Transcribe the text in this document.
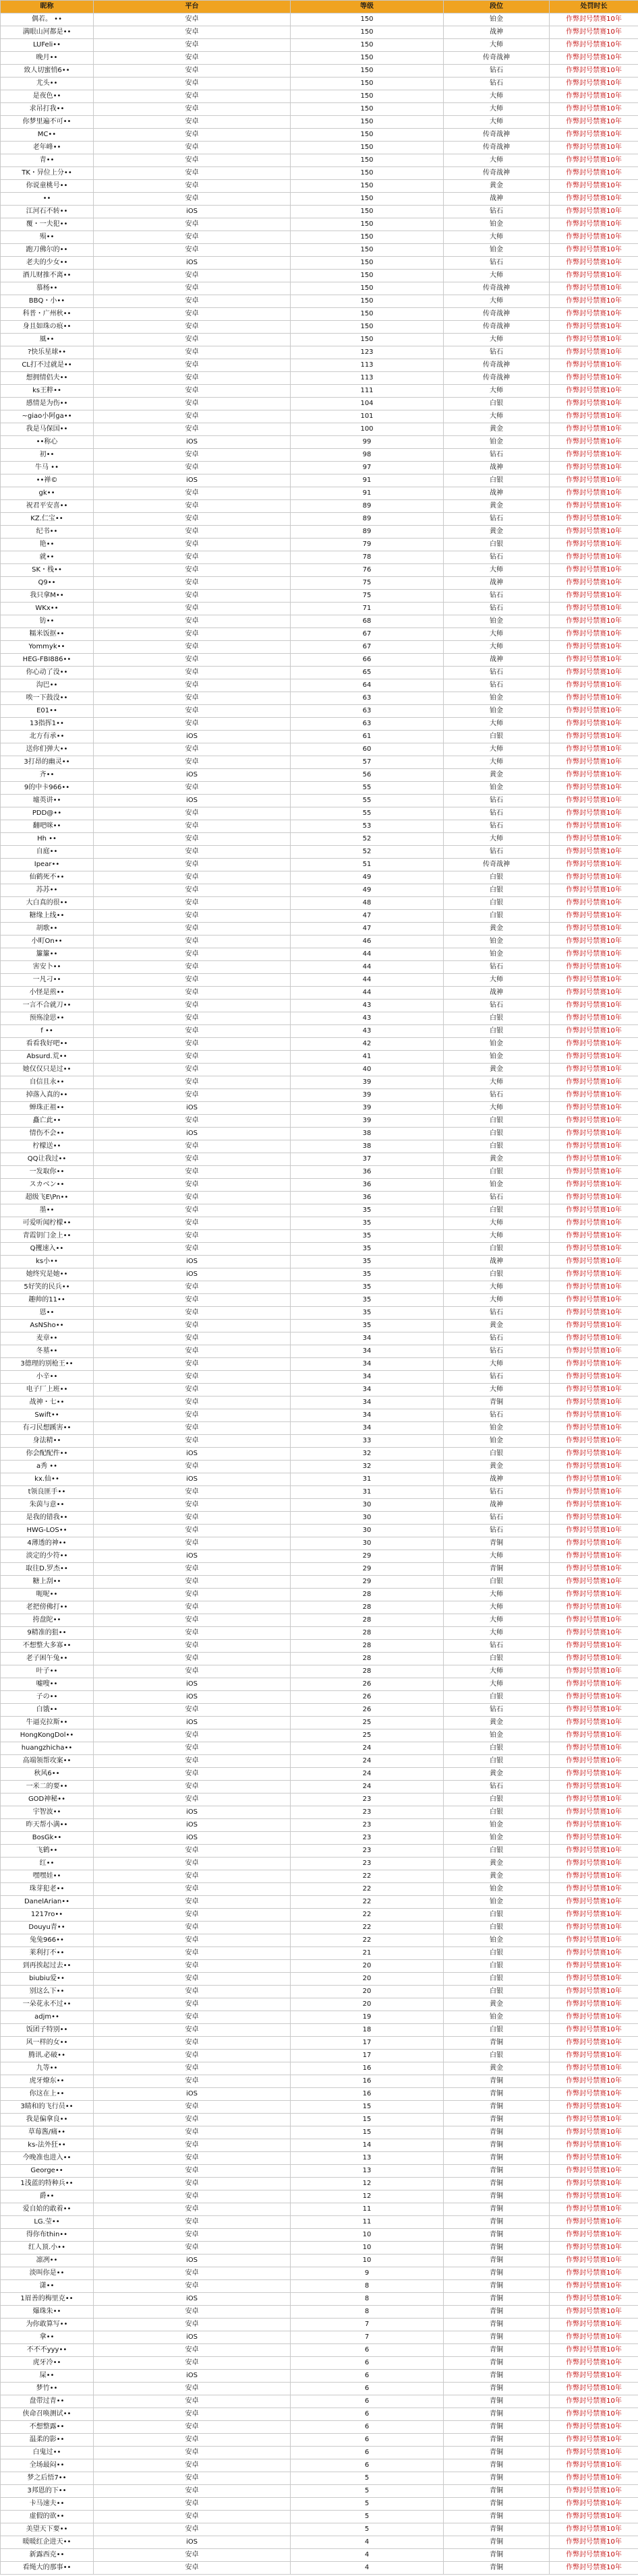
昵称	平台	等级	段位	处罚时长
偶若。 ••	安卓	150	铂金	作弊封号禁赛10年
满眼山河都是••	安卓	150	战神	作弊封号禁赛10年
LUFeli••	安卓	150	大师	作弊封号禁赛10年
晚月••	安卓	150	传奇战神	作弊封号禁赛10年
致人切蜜悄6••	安卓	150	钻石	作弊封号禁赛10年
尤头••	安卓	150	钻石	作弊封号禁赛10年
是夜色••	安卓	150	大师	作弊封号禁赛10年
求吊打我••	安卓	150	大师	作弊封号禁赛10年
你梦里遍不可••	安卓	150	大师	作弊封号禁赛10年
MC••	安卓	150	传奇战神	作弊封号禁赛10年
老年峰••	安卓	150	传奇战神	作弊封号禁赛10年
青••	安卓	150	大师	作弊封号禁赛10年
TK・异位上分••	安卓	150	传奇战神	作弊封号禁赛10年
你说童桃号••	安卓	150	黄金	作弊封号禁赛10年
••	安卓	150	战神	作弊封号禁赛10年
江河石不转••	iOS	150	钻石	作弊封号禁赛10年
覆・一夫犯••	安卓	150	铂金	作弊封号禁赛10年
殒••	安卓	150	大师	作弊封号禁赛10年
跑刀佛尔的••	安卓	150	铂金	作弊封号禁赛10年
老夫的少女••	iOS	150	钻石	作弊封号禁赛10年
酒儿财推不离••	安卓	150	大师	作弊封号禁赛10年
慕杨••	安卓	150	传奇战神	作弊封号禁赛10年
BBQ・小••	安卓	150	大师	作弊封号禁赛10年
科普・广州秋••	安卓	150	传奇战神	作弊封号禁赛10年
身且如珠の痕••	安卓	150	传奇战神	作弊封号禁赛10年
風••	安卓	150	大师	作弊封号禁赛10年
?快乐星球••	安卓	123	钻石	作弊封号禁赛10年
CL打不过就是••	安卓	113	传奇战神	作弊封号禁赛10年
想拥情侣夫••	安卓	113	传奇战神	作弊封号禁赛10年
ks王粹••	安卓	111	大师	作弊封号禁赛10年
感情是为伤••	安卓	104	白银	作弊封号禁赛10年
~giao小阿ga••	安卓	101	大师	作弊封号禁赛10年
我是马保国••	安卓	100	黄金	作弊封号禁赛10年
••称心	iOS	99	铂金	作弊封号禁赛10年
初••	安卓	98	钻石	作弊封号禁赛10年
牛马 ••	安卓	97	战神	作弊封号禁赛10年
••禅©	iOS	91	白银	作弊封号禁赛10年
gk••	安卓	91	战神	作弊封号禁赛10年
祝君平安喜••	安卓	89	黄金	作弊封号禁赛10年
KZ.仁宝••	安卓	89	钻石	作弊封号禁赛10年
纪书••	安卓	89	黄金	作弊封号禁赛10年
艳••	安卓	79	白银	作弊封号禁赛10年
就••	安卓	78	钻石	作弊封号禁赛10年
SK・栈••	安卓	76	大师	作弊封号禁赛10年
Q9••	安卓	75	战神	作弊封号禁赛10年
我只拿M••	安卓	75	钻石	作弊封号禁赛10年
WKx••	安卓	71	钻石	作弊封号禁赛10年
钫••	安卓	68	铂金	作弊封号禁赛10年
糯米饭抠••	安卓	67	大师	作弊封号禁赛10年
Yommyk••	安卓	67	大师	作弊封号禁赛10年
HEG-FBI886••	安卓	66	战神	作弊封号禁赛10年
你心动了没••	安卓	65	钻石	作弊封号禁赛10年
沟巴••	安卓	64	钻石	作弊封号禁赛10年
唉一下鼓没••	安卓	63	铂金	作弊封号禁赛10年
E01••	安卓	63	铂金	作弊封号禁赛10年
13指挥1••	安卓	63	大师	作弊封号禁赛10年
北方有承••	iOS	61	白银	作弊封号禁赛10年
送你们弹大••	安卓	60	大师	作弊封号禁赛10年
3打昂的幽灵••	安卓	57	大师	作弊封号禁赛10年
齐••	iOS	56	黄金	作弊封号禁赛10年
9的中卡966••	安卓	55	铂金	作弊封号禁赛10年
墟英讲••	iOS	55	钻石	作弊封号禁赛10年
PDD@••	安卓	55	钻石	作弊封号禁赛10年
翻吧咪••	安卓	53	钻石	作弊封号禁赛10年
Hh ••	安卓	52	大师	作弊封号禁赛10年
自庭••	安卓	52	钻石	作弊封号禁赛10年
Ipear••	安卓	51	传奇战神	作弊封号禁赛10年
仙鹤死不••	安卓	49	白银	作弊封号禁赛10年
苏苏••	安卓	49	白银	作弊封号禁赛10年
大白真的很••	安卓	48	白银	作弊封号禁赛10年
糖缘上线••	安卓	47	白银	作弊封号禁赛10年
胡歌••	安卓	47	黄金	作弊封号禁赛10年
小町On••	安卓	46	铂金	作弊封号禁赛10年
簾簾••	安卓	44	铂金	作弊封号禁赛10年
害安卜••	安卓	44	钻石	作弊封号禁赛10年
一凡刁••	安卓	44	大师	作弊封号禁赛10年
小怪是煎••	安卓	44	战神	作弊封号禁赛10年
一言不合就刀••	安卓	43	钻石	作弊封号禁赛10年
预殇淦思••	安卓	43	白银	作弊封号禁赛10年
f ••	安卓	43	白银	作弊封号禁赛10年
看看我好吧••	安卓	42	铂金	作弊封号禁赛10年
Absurd.荒••	安卓	41	铂金	作弊封号禁赛10年
她仅仅只是过••	安卓	40	黄金	作弊封号禁赛10年
自信且永••	安卓	39	大师	作弊封号禁赛10年
掉落入真的••	安卓	39	钻石	作弊封号禁赛10年
蝉珠正祖••	iOS	39	大师	作弊封号禁赛10年
矗亡此••	安卓	39	白银	作弊封号禁赛10年
情伤不会••	iOS	38	白银	作弊封号禁赛10年
柠檬送••	安卓	38	白银	作弊封号禁赛10年
QQ让我过••	安卓	37	黄金	作弊封号禁赛10年
一发取你••	安卓	36	白银	作弊封号禁赛10年
スカベン••	安卓	36	铂金	作弊封号禁赛10年
超级飞E\Pn••	安卓	36	钻石	作弊封号禁赛10年
墨••	安卓	35	白银	作弊封号禁赛10年
可爱听闻柠檬••	安卓	35	大师	作弊封号禁赛10年
青霞钥门金上••	安卓	35	大师	作弊封号禁赛10年
Q攫速入••	安卓	35	白银	作弊封号禁赛10年
ks小••	iOS	35	战神	作弊封号禁赛10年
她终究是她••	iOS	35	白银	作弊封号禁赛10年
5好笑的民兵••	安卓	35	大师	作弊封号禁赛10年
趣帅的11••	安卓	35	大师	作弊封号禁赛10年
恩••	安卓	35	钻石	作弊封号禁赛10年
AsNSho••	安卓	35	黄金	作弊封号禁赛10年
麦章••	安卓	34	钻石	作弊封号禁赛10年
冬墓••	安卓	34	钻石	作弊封号禁赛10年
3德理的别枪王••	安卓	34	大师	作弊封号禁赛10年
小辛••	安卓	34	钻石	作弊封号禁赛10年
电子厂上班••	安卓	34	大师	作弊封号禁赛10年
战神・七••	安卓	34	青铜	作弊封号禁赛10年
Swift••	安卓	34	钻石	作弊封号禁赛10年
有刁民想蹊害••	安卓	34	铂金	作弊封号禁赛10年
身法精••	安卓	33	铂金	作弊封号禁赛10年
你会配配件••	iOS	32	白银	作弊封号禁赛10年
a秀 ••	安卓	32	黄金	作弊封号禁赛10年
kx.仙••	iOS	31	战神	作弊封号禁赛10年
t领良匪手••	安卓	31	钻石	作弊封号禁赛10年
朱茵与意••	安卓	30	战神	作弊封号禁赛10年
是我的错我••	安卓	30	钻石	作弊封号禁赛10年
HWG-LOS••	安卓	30	钻石	作弊封号禁赛10年
4薄透的神••	安卓	30	青铜	作弊封号禁赛10年
淡定的少符••	iOS	29	大师	作弊封号禁赛10年
取往D.罗杰••	安卓	29	青铜	作弊封号禁赛10年
糖上刮••	安卓	29	白银	作弊封号禁赛10年
呃呢••	安卓	28	大师	作弊封号禁赛10年
老把傍佛打••	安卓	28	大师	作弊封号禁赛10年
挎盘陀••	安卓	28	大师	作弊封号禁赛10年
9精准的狙••	安卓	28	大师	作弊封号禁赛10年
不想整大多寡••	安卓	28	钻石	作弊封号禁赛10年
老子困午兔••	安卓	28	白银	作弊封号禁赛10年
叶子••	安卓	28	大师	作弊封号禁赛10年
嘘嗖••	iOS	26	大师	作弊封号禁赛10年
子の••	iOS	26	白银	作弊封号禁赛10年
白饿••	安卓	26	钻石	作弊封号禁赛10年
牛逼克拉斯••	iOS	25	黄金	作弊封号禁赛10年
HongKongDol••	安卓	25	铂金	作弊封号禁赛10年
huangzhicha••	安卓	24	白银	作弊封号禁赛10年
高端领帮攻案••	安卓	24	白银	作弊封号禁赛10年
秋风6••	安卓	24	黄金	作弊封号禁赛10年
一米二的要••	安卓	24	钻石	作弊封号禁赛10年
GOD神秘••	安卓	23	白银	作弊封号禁赛10年
宇智波••	iOS	23	白银	作弊封号禁赛10年
昨天帮小满••	iOS	23	铂金	作弊封号禁赛10年
BosGk••	iOS	23	铂金	作弊封号禁赛10年
飞鹤••	安卓	23	白银	作弊封号禁赛10年
红••	安卓	23	黄金	作弊封号禁赛10年
嘿嘿娃••	安卓	22	黄金	作弊封号禁赛10年
珠芽犯老••	安卓	22	铂金	作弊封号禁赛10年
DanelArian••	安卓	22	铂金	作弊封号禁赛10年
1217ro••	安卓	22	白银	作弊封号禁赛10年
Douyu青••	安卓	22	白银	作弊封号禁赛10年
兔兔966••	安卓	22	铂金	作弊封号禁赛10年
莱利打不••	安卓	21	白银	作弊封号禁赛10年
到再挨起过去••	安卓	20	白银	作弊封号禁赛10年
biubiu爱••	安卓	20	白银	作弊封号禁赛10年
别这么下••	安卓	20	白银	作弊封号禁赛10年
一朵花永不过••	安卓	20	黄金	作弊封号禁赛10年
adjm••	安卓	19	铂金	作弊封号禁赛10年
饭团子特别••	安卓	18	白银	作弊封号禁赛10年
风一样的女••	安卓	17	青铜	作弊封号禁赛10年
腾讯.必破••	安卓	17	白银	作弊封号禁赛10年
九等••	安卓	16	黄金	作弊封号禁赛10年
虎牙燎东••	安卓	16	青铜	作弊封号禁赛10年
你这在上••	iOS	16	青铜	作弊封号禁赛10年
3睛和的飞行员••	安卓	15	青铜	作弊封号禁赛10年
我是偏拿良••	安卓	15	青铜	作弊封号禁赛10年
草莓酱/痛••	安卓	15	青铜	作弊封号禁赛10年
ks-法外狂••	安卓	14	青铜	作弊封号禁赛10年
今晚准也进入••	安卓	13	青铜	作弊封号禁赛10年
George••	安卓	13	青铜	作弊封号禁赛10年
1浅蓝的特种兵••	安卓	12	青铜	作弊封号禁赛10年
爵••	安卓	12	青铜	作弊封号禁赛10年
爱自姶的敢着••	安卓	11	青铜	作弊封号禁赛10年
LG.莹••	安卓	11	青铜	作弊封号禁赛10年
得你布thin••	安卓	10	青铜	作弊封号禁赛10年
红人顶.小••	安卓	10	青铜	作弊封号禁赛10年
凛冽••	iOS	10	青铜	作弊封号禁赛10年
淡叫你是••	安卓	9	青铜	作弊封号禁赛10年
潇••	安卓	8	青铜	作弊封号禁赛10年
1眉善的梅里克••	iOS	8	青铜	作弊封号禁赛10年
爆珠朱••	安卓	8	青铜	作弊封号禁赛10年
为你敢算写••	安卓	7	青铜	作弊封号禁赛10年
拿••	iOS	7	青铜	作弊封号禁赛10年
不不不yyy••	安卓	6	青铜	作弊封号禁赛10年
虎牙冷••	安卓	6	青铜	作弊封号禁赛10年
屎••	iOS	6	青铜	作弊封号禁赛10年
梦竹••	安卓	6	青铜	作弊封号禁赛10年
盘带过青••	安卓	6	青铜	作弊封号禁赛10年
侠命召唤测试••	安卓	6	青铜	作弊封号禁赛10年
不想整露••	安卓	6	青铜	作弊封号禁赛10年
温柔的影••	安卓	6	青铜	作弊封号禁赛10年
白鬼过••	安卓	6	青铜	作弊封号禁赛10年
全场最闷••	安卓	6	青铜	作弊封号禁赛10年
梦之后悟7••	安卓	5	青铜	作弊封号禁赛10年
3邦恩的下••	安卓	5	青铜	作弊封号禁赛10年
卡马速夫••	安卓	5	青铜	作弊封号禁赛10年
虚假的欲••	安卓	5	青铜	作弊封号禁赛10年
美望天下要••	安卓	5	青铜	作弊封号禁赛10年
暖暖红企进天••	iOS	4	青铜	作弊封号禁赛10年
新露西克••	安卓	4	青铜	作弊封号禁赛10年
看绳大的那事••	安卓	4	青铜	作弊封号禁赛10年
